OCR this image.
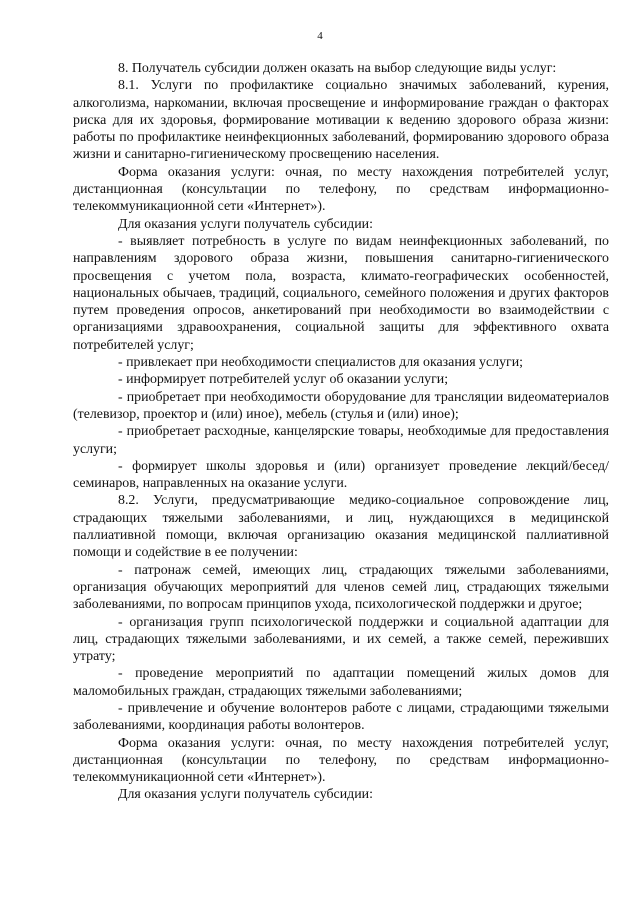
4

8. Получатель субсидии должен оказать на выбор следующие виды услуг:

8.1. Услуги по профилактике социально значимых заболеваний, курения, алкоголизма, наркомании, включая просвещение и информирование граждан о факторах риска для их здоровья, формирование мотивации к ведению здорового образа жизни: работы по профилактике неинфекционных заболеваний, формированию здорового образа жизни и санитарно-гигиеническому просвещению населения.

Форма оказания услуги: очная, по месту нахождения потребителей услуг, дистанционная (консультации по телефону, по средствам информационно-телекоммуникационной сети «Интернет»).

Для оказания услуги получатель субсидии:

- выявляет потребность в услуге по видам неинфекционных заболеваний, по направлениям здорового образа жизни, повышения санитарно-гигиенического просвещения с учетом пола, возраста, климато-географических особенностей, национальных обычаев, традиций, социального, семейного положения и других факторов путем проведения опросов, анкетирований при необходимости во взаимодействии с организациями здравоохранения, социальной защиты для эффективного охвата потребителей услуг;

- привлекает при необходимости специалистов для оказания услуги;

- информирует потребителей услуг об оказании услуги;

- приобретает при необходимости оборудование для трансляции видеоматериалов (телевизор, проектор и (или) иное), мебель (стулья и (или) иное);

- приобретает расходные, канцелярские товары, необходимые для предоставления услуги;

- формирует школы здоровья и (или) организует проведение лекций/бесед/семинаров, направленных на оказание услуги.

8.2. Услуги, предусматривающие медико-социальное сопровождение лиц, страдающих тяжелыми заболеваниями, и лиц, нуждающихся в медицинской паллиативной помощи, включая организацию оказания медицинской паллиативной помощи и содействие в ее получении:

- патронаж семей, имеющих лиц, страдающих тяжелыми заболеваниями, организация обучающих мероприятий для членов семей лиц, страдающих тяжелыми заболеваниями, по вопросам принципов ухода, психологической поддержки и другое;

- организация групп психологической поддержки и социальной адаптации для лиц, страдающих тяжелыми заболеваниями, и их семей, а также семей, переживших утрату;

- проведение мероприятий по адаптации помещений жилых домов для маломобильных граждан, страдающих тяжелыми заболеваниями;

- привлечение и обучение волонтеров работе с лицами, страдающими тяжелыми заболеваниями, координация работы волонтеров.

Форма оказания услуги: очная, по месту нахождения потребителей услуг, дистанционная (консультации по телефону, по средствам информационно-телекоммуникационной сети «Интернет»).

Для оказания услуги получатель субсидии:
